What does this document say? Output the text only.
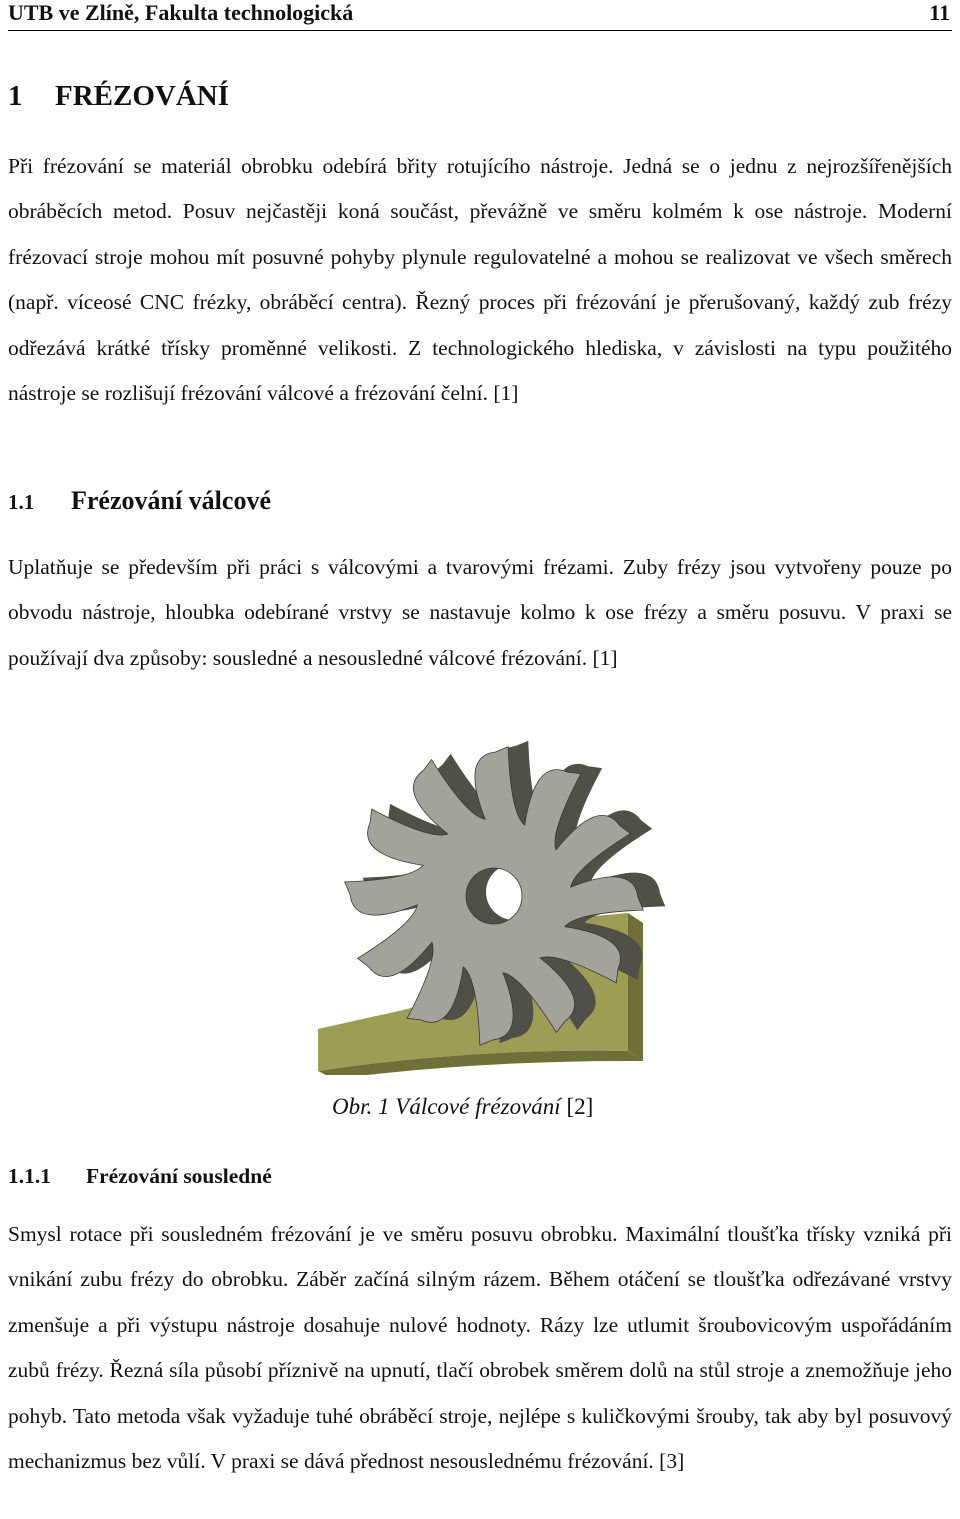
UTB ve Zlíně, Fakulta technologická	11
1 FRÉZOVÁNÍ

Při frézování se materiál obrobku odebírá břity rotujícího nástroje. Jedná se o jednu z nejrozšířenějších obráběcích metod. Posuv nejčastěji koná součást, převážně ve směru kolmém k ose nástroje. Moderní frézovací stroje mohou mít posuvné pohyby plynule regulovatelné a mohou se realizovat ve všech směrech (např. víceosé CNC frézky, obráběcí centra). Řezný proces při frézování je přerušovaný, každý zub frézy odřezává krátké třísky proměnné velikosti. Z technologického hlediska, v závislosti na typu použitého nástroje se rozlišují frézování válcové a frézování čelní. [1]

1.1 Frézování válcové

Uplatňuje se především při práci s válcovými a tvarovými frézami. Zuby frézy jsou vytvořeny pouze po obvodu nástroje, hloubka odebírané vrstvy se nastavuje kolmo k ose frézy a směru posuvu. V praxi se používají dva způsoby: sousledné a nesousledné válcové frézování. [1]

Obr. 1 Válcové frézování [2]
1.1.1 Frézování sousledné

Smysl rotace při sousledném frézování je ve směru posuvu obrobku. Maximální tloušťka třísky vzniká při vnikání zubu frézy do obrobku. Záběr začíná silným rázem. Během otáčení se tloušťka odřezávané vrstvy zmenšuje a při výstupu nástroje dosahuje nulové hodnoty. Rázy lze utlumit šroubovicovým uspořádáním zubů frézy. Řezná síla působí příznivě na upnutí, tlačí obrobek směrem dolů na stůl stroje a znemožňuje jeho pohyb. Tato metoda však vyžaduje tuhé obráběcí stroje, nejlépe s kuličkovými šrouby, tak aby byl posuvový mechanizmus bez vůlí. V praxi se dává přednost nesouslednému frézování. [3]
